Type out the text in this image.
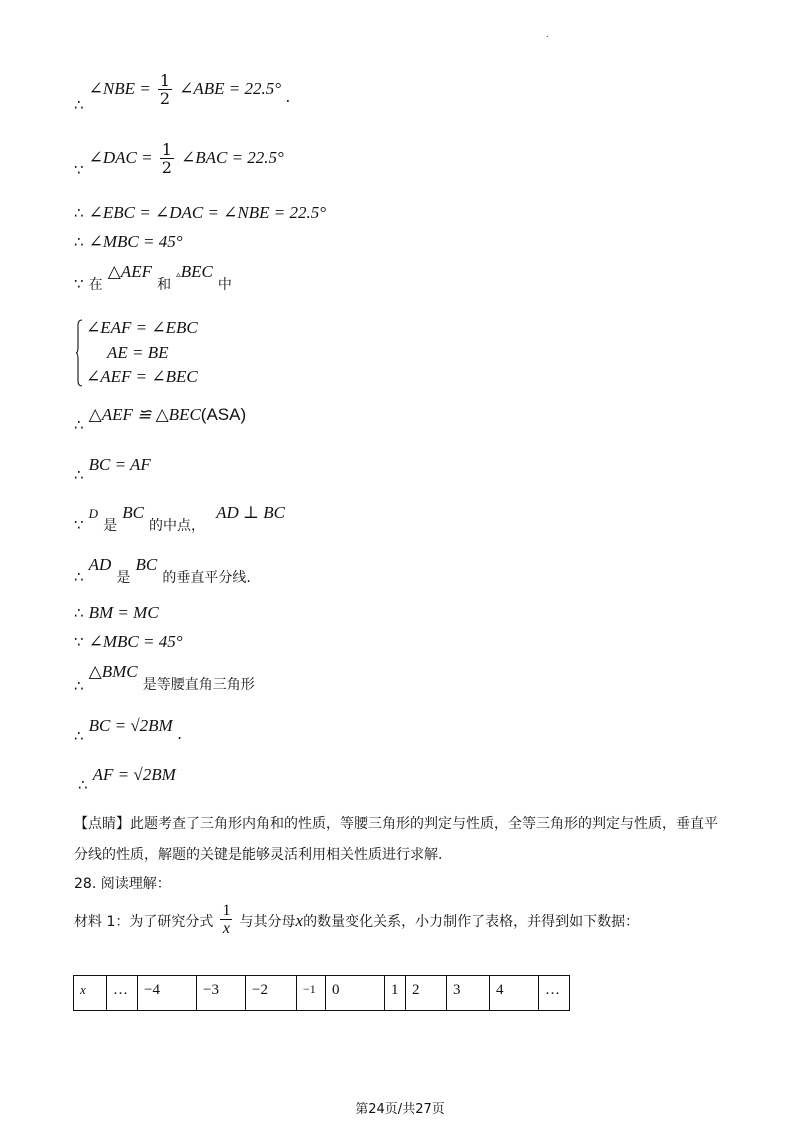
.
∴ ∠NBE = $\frac{1}{2}$ ∠ABE = 22.5° .
∵ ∠DAC = $\frac{1}{2}$ ∠BAC = 22.5°
∴ ∠EBC = ∠DAC = ∠NBE = 22.5°
∴ ∠MBC = 45°
∵ 在 △AEF 和 ▵BEC 中
∠EAF = ∠EBC
AE = BE
∠AEF = ∠BEC
∴ △AEF ≌ △BEC(ASA)
∴ BC = AF
∵ D 是 BC 的中点， AD ⊥ BC
∴ AD 是 BC 的垂直平分线.
∴ BM = MC
∵ ∠MBC = 45°
∴ △BMC 是等腰直角三角形
∴ BC = √2BM .
∴ AF = √2BM
【点睛】此题考查了三角形内角和的性质，等腰三角形的判定与性质，全等三角形的判定与性质，垂直平
分线的性质，解题的关键是能够灵活利用相关性质进行求解.
28. 阅读理解：
材料 1：为了研究分式 $\frac{1}{x}$ 与其分母x的数量变化关系，小力制作了表格，并得到如下数据：
x	…	−4	−3	−2	−1	0	1	2	3	4	…
第24页/共27页
